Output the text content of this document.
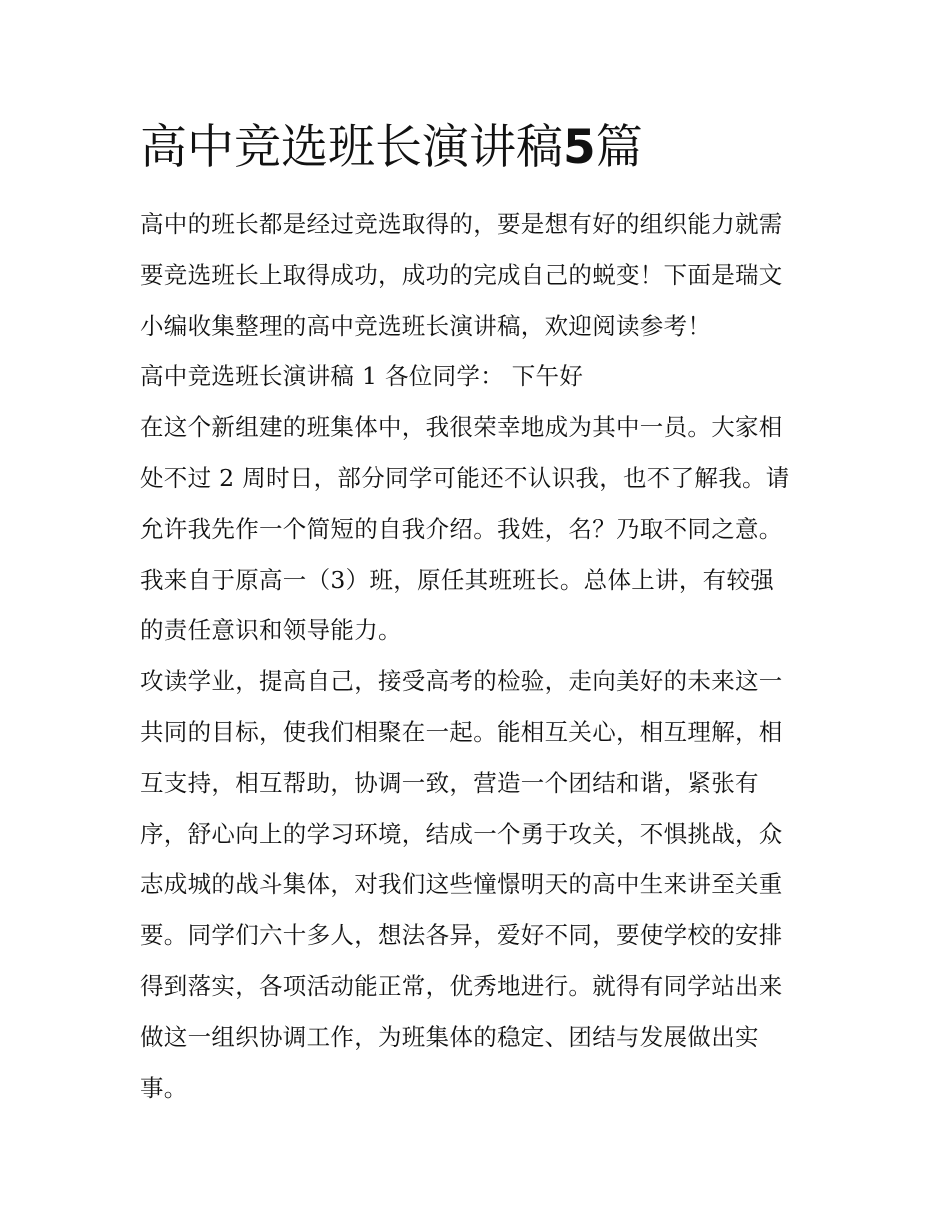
高中竞选班长演讲稿5篇

高中的班长都是经过竞选取得的，要是想有好的组织能力就需

要竞选班长上取得成功，成功的完成自己的蜕变！下面是瑞文

小编收集整理的高中竞选班长演讲稿，欢迎阅读参考！

高中竞选班长演讲稿 1 各位同学： 下午好

在这个新组建的班集体中，我很荣幸地成为其中一员。大家相

处不过 2 周时日，部分同学可能还不认识我，也不了解我。请

允许我先作一个简短的自我介绍。我姓，名？乃取不同之意。

我来自于原高一（3）班，原任其班班长。总体上讲，有较强

的责任意识和领导能力。

攻读学业，提高自己，接受高考的检验，走向美好的未来这一

共同的目标，使我们相聚在一起。能相互关心，相互理解，相

互支持，相互帮助，协调一致，营造一个团结和谐，紧张有

序，舒心向上的学习环境，结成一个勇于攻关，不惧挑战，众

志成城的战斗集体，对我们这些憧憬明天的高中生来讲至关重

要。同学们六十多人，想法各异，爱好不同，要使学校的安排

得到落实，各项活动能正常，优秀地进行。就得有同学站出来

做这一组织协调工作，为班集体的稳定、团结与发展做出实

事。
